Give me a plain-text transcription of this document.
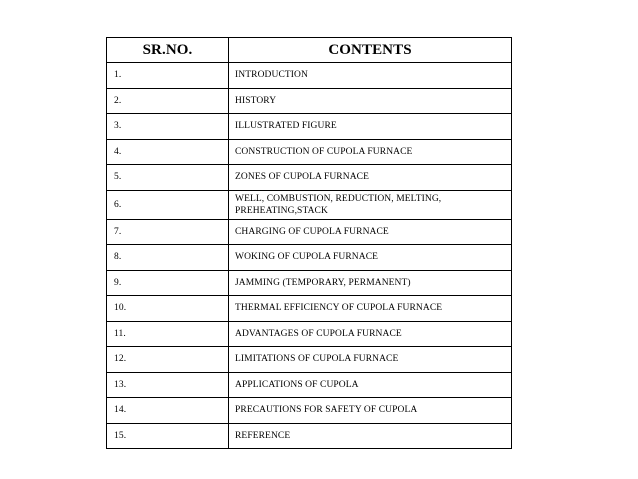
SR.NO.	CONTENTS
1.	INTRODUCTION
2.	HISTORY
3.	ILLUSTRATED FIGURE
4.	CONSTRUCTION OF CUPOLA FURNACE
5.	ZONES OF CUPOLA FURNACE
6.	WELL, COMBUSTION, REDUCTION, MELTING, PREHEATING,STACK
7.	CHARGING OF CUPOLA FURNACE
8.	WOKING OF CUPOLA FURNACE
9.	JAMMING (TEMPORARY, PERMANENT)
10.	THERMAL EFFICIENCY OF CUPOLA FURNACE
11.	ADVANTAGES OF CUPOLA FURNACE
12.	LIMITATIONS OF CUPOLA FURNACE
13.	APPLICATIONS OF CUPOLA
14.	PRECAUTIONS FOR SAFETY OF CUPOLA
15.	REFERENCE
